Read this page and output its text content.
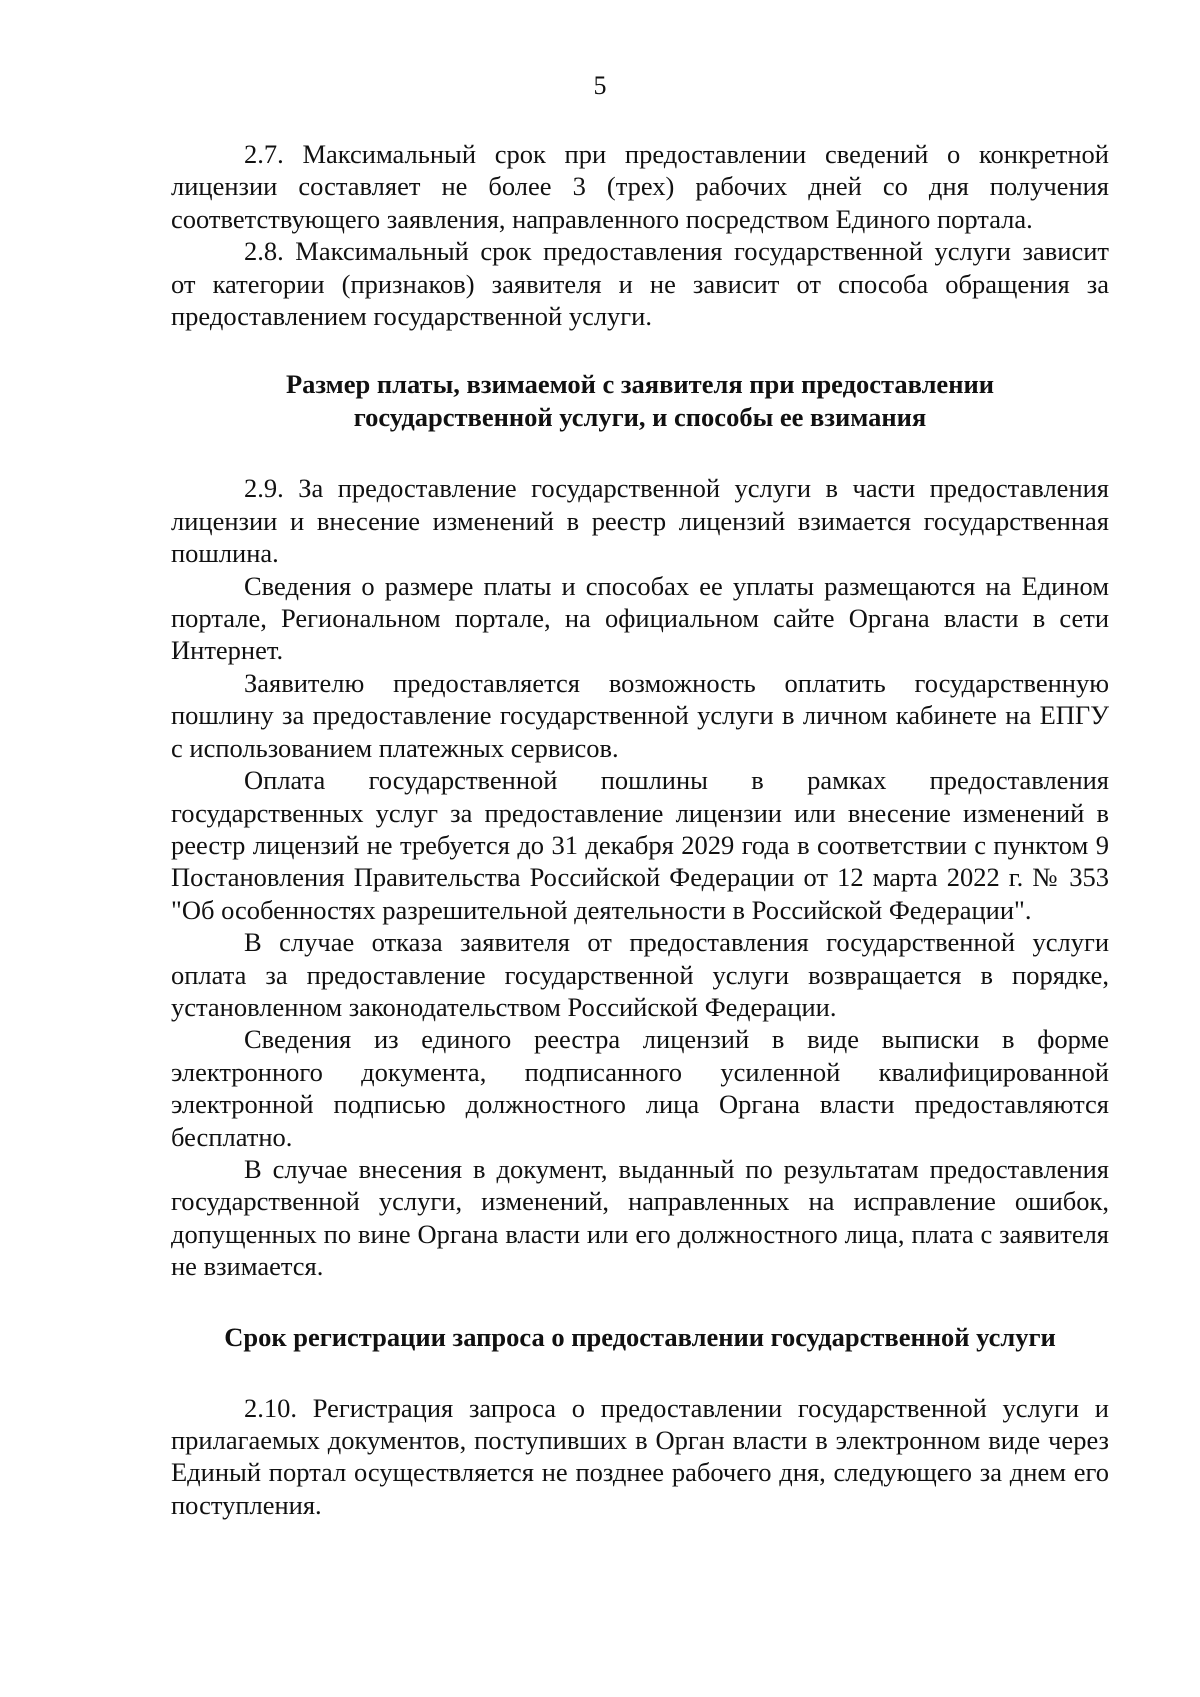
5

2.7. Максимальный срок при предоставлении сведений о конкретной лицензии составляет не более 3 (трех) рабочих дней со дня получения соответствующего заявления, направленного посредством Единого портала.

2.8. Максимальный срок предоставления государственной услуги зависит от категории (признаков) заявителя и не зависит от способа обращения за предоставлением государственной услуги.

Размер платы, взимаемой с заявителя при предоставлении государственной услуги, и способы ее взимания

2.9. За предоставление государственной услуги в части предоставления лицензии и внесение изменений в реестр лицензий взимается государственная пошлина.

Сведения о размере платы и способах ее уплаты размещаются на Едином портале, Региональном портале, на официальном сайте Органа власти в сети Интернет.

Заявителю предоставляется возможность оплатить государственную пошлину за предоставление государственной услуги в личном кабинете на ЕПГУ с использованием платежных сервисов.

Оплата государственной пошлины в рамках предоставления государственных услуг за предоставление лицензии или внесение изменений в реестр лицензий не требуется до 31 декабря 2029 года в соответствии с пунктом 9 Постановления Правительства Российской Федерации от 12 марта 2022 г. № 353 "Об особенностях разрешительной деятельности в Российской Федерации".

В случае отказа заявителя от предоставления государственной услуги оплата за предоставление государственной услуги возвращается в порядке, установленном законодательством Российской Федерации.

Сведения из единого реестра лицензий в виде выписки в форме электронного документа, подписанного усиленной квалифицированной электронной подписью должностного лица Органа власти предоставляются бесплатно.

В случае внесения в документ, выданный по результатам предоставления государственной услуги, изменений, направленных на исправление ошибок, допущенных по вине Органа власти или его должностного лица, плата с заявителя не взимается.

Срок регистрации запроса о предоставлении государственной услуги

2.10. Регистрация запроса о предоставлении государственной услуги и прилагаемых документов, поступивших в Орган власти в электронном виде через Единый портал осуществляется не позднее рабочего дня, следующего за днем его поступления.
